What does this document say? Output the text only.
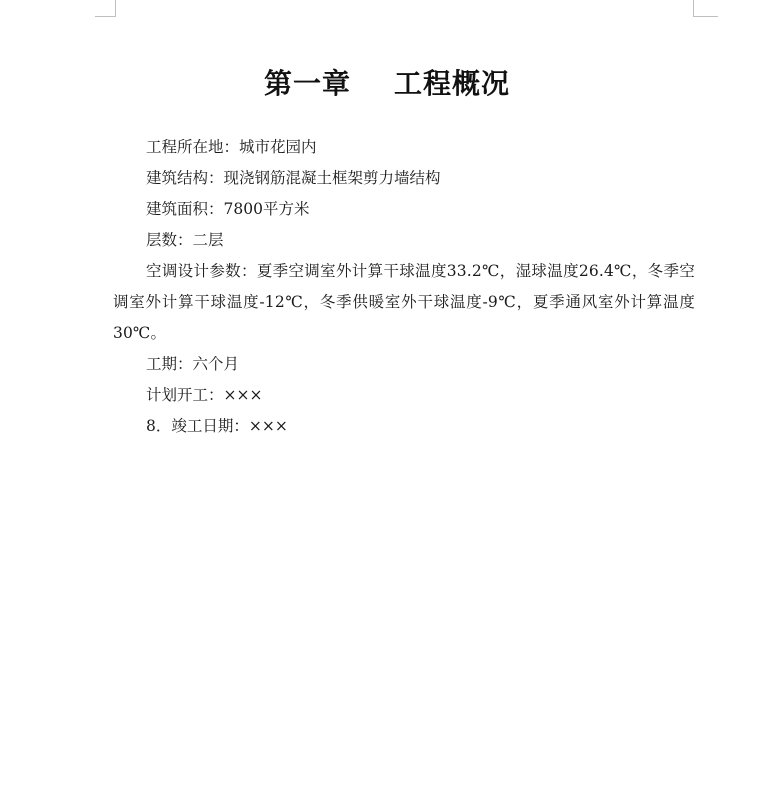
第一章    工程概况

工程所在地：城市花园内

建筑结构：现浇钢筋混凝土框架剪力墙结构

建筑面积：7800平方米

层数：二层

空调设计参数：夏季空调室外计算干球温度33.2℃，湿球温度26.4℃，冬季空调室外计算干球温度-12℃，冬季供暖室外干球温度-9℃，夏季通风室外计算温度30℃。

工期：六个月

计划开工：×××

8．竣工日期：×××
